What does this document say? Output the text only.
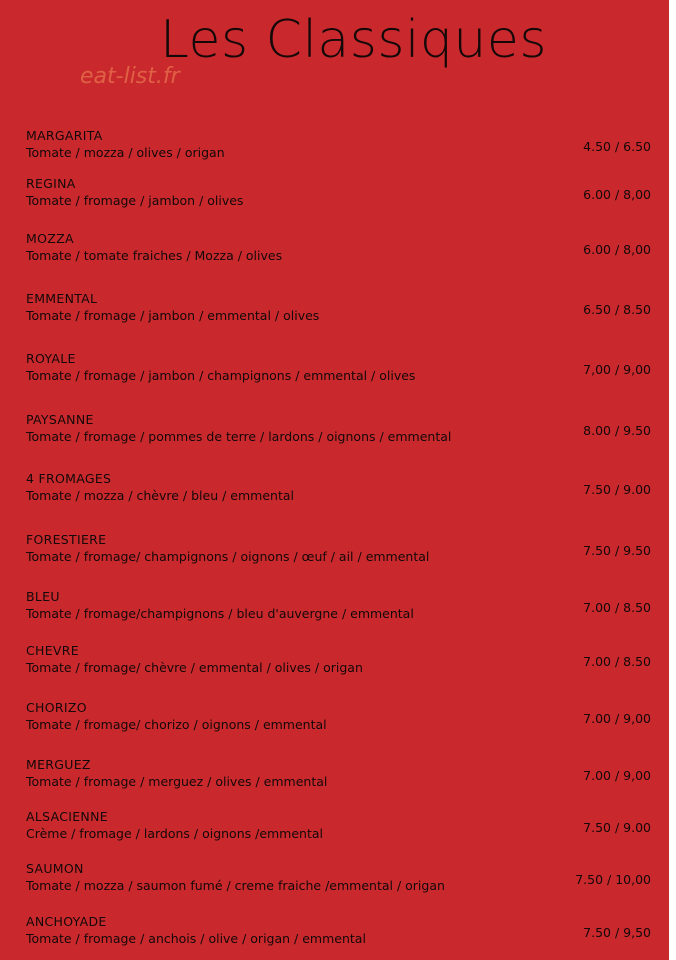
Les Classiques
eat-list.fr
MARGARITA
Tomate / mozza / olives / origan	4.50 / 6.50
REGINA
Tomate / fromage / jambon / olives	6.00 / 8,00
MOZZA
Tomate / tomate fraiches / Mozza / olives	6.00 / 8,00
EMMENTAL
Tomate / fromage / jambon / emmental / olives	6.50 / 8.50
ROYALE
Tomate / fromage / jambon / champignons / emmental / olives	7,00 / 9,00
PAYSANNE
Tomate / fromage / pommes de terre / lardons / oignons / emmental	8.00 / 9.50
4 FROMAGES
Tomate / mozza / chèvre / bleu / emmental	7.50 / 9.00
FORESTIERE
Tomate / fromage/ champignons / oignons / œuf / ail / emmental	7.50 / 9.50
BLEU
Tomate / fromage/champignons / bleu d'auvergne / emmental	7.00 / 8.50
CHEVRE
Tomate / fromage/ chèvre / emmental / olives / origan	7.00 / 8.50
CHORIZO
Tomate / fromage/ chorizo / oignons / emmental	7.00 / 9,00
MERGUEZ
Tomate / fromage / merguez / olives / emmental	7.00 / 9,00
ALSACIENNE
Crème / fromage / lardons / oignons /emmental	7.50 / 9.00
SAUMON
Tomate / mozza / saumon fumé / creme fraiche /emmental / origan	7.50 / 10,00
ANCHOYADE
Tomate / fromage / anchois / olive / origan / emmental	7.50 / 9,50
